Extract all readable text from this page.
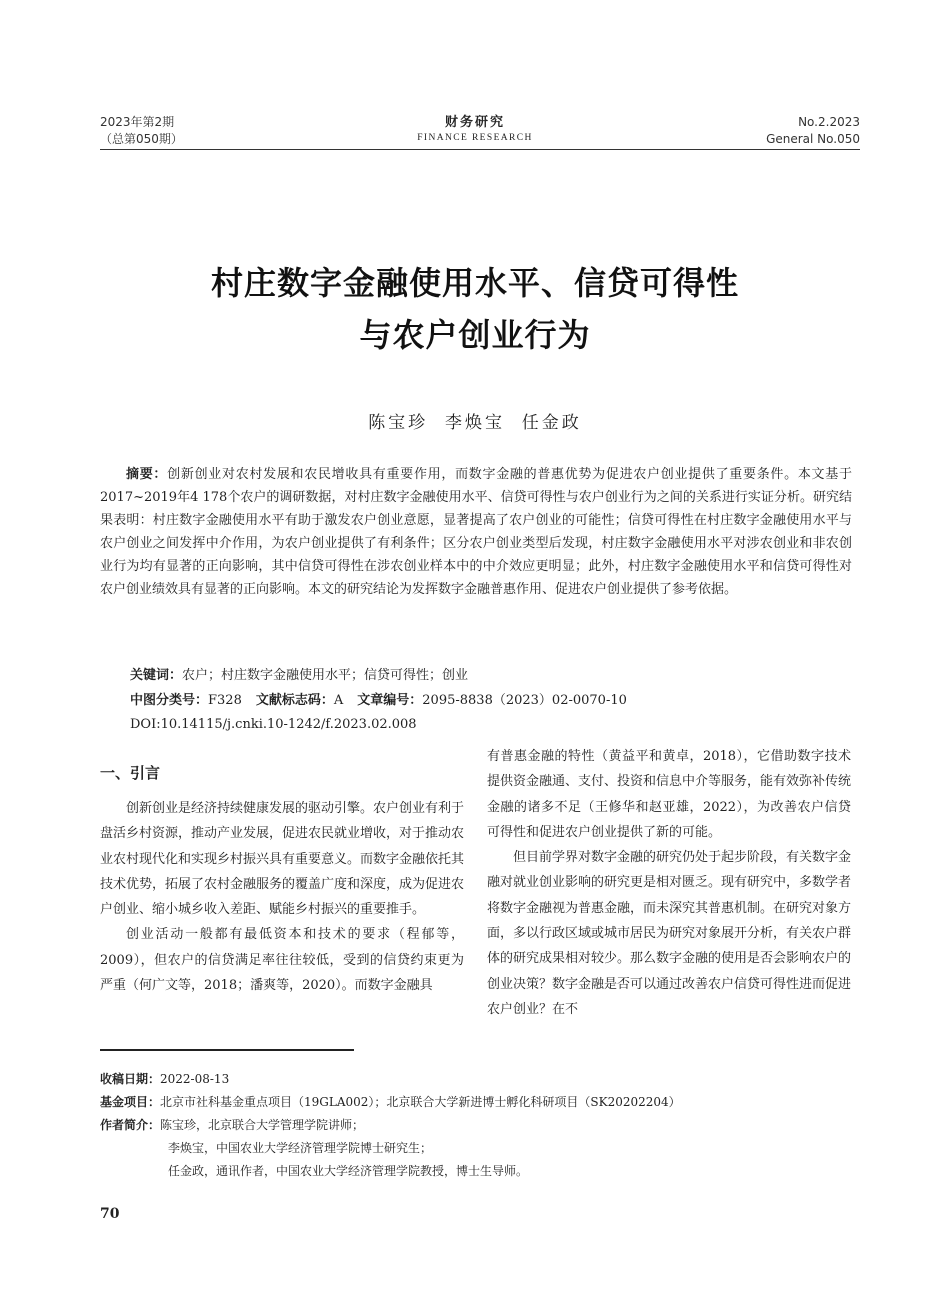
2023年第2期
（总第050期）
财务研究
FINANCE RESEARCH
No.2.2023
General No.050
村庄数字金融使用水平、信贷可得性
与农户创业行为
陈宝珍  李焕宝  任金政
摘要：创新创业对农村发展和农民增收具有重要作用，而数字金融的普惠优势为促进农户创业提供了重要条件。本文基于2017~2019年4 178个农户的调研数据，对村庄数字金融使用水平、信贷可得性与农户创业行为之间的关系进行实证分析。研究结果表明：村庄数字金融使用水平有助于激发农户创业意愿，显著提高了农户创业的可能性；信贷可得性在村庄数字金融使用水平与农户创业之间发挥中介作用，为农户创业提供了有利条件；区分农户创业类型后发现，村庄数字金融使用水平对涉农创业和非农创业行为均有显著的正向影响，其中信贷可得性在涉农创业样本中的中介效应更明显；此外，村庄数字金融使用水平和信贷可得性对农户创业绩效具有显著的正向影响。本文的研究结论为发挥数字金融普惠作用、促进农户创业提供了参考依据。
关键词：农户；村庄数字金融使用水平；信贷可得性；创业
中图分类号：F328 文献标志码：A 文章编号：2095-8838（2023）02-0070-10
DOI:10.14115/j.cnki.10-1242/f.2023.02.008
一、引言

创新创业是经济持续健康发展的驱动引擎。农户创业有利于盘活乡村资源，推动产业发展，促进农民就业增收，对于推动农业农村现代化和实现乡村振兴具有重要意义。而数字金融依托其技术优势，拓展了农村金融服务的覆盖广度和深度，成为促进农户创业、缩小城乡收入差距、赋能乡村振兴的重要推手。

创业活动一般都有最低资本和技术的要求（程郁等，2009），但农户的信贷满足率往往较低，受到的信贷约束更为严重（何广文等，2018；潘爽等，2020）。而数字金融具

有普惠金融的特性（黄益平和黄卓，2018），它借助数字技术提供资金融通、支付、投资和信息中介等服务，能有效弥补传统金融的诸多不足（王修华和赵亚雄，2022），为改善农户信贷可得性和促进农户创业提供了新的可能。

但目前学界对数字金融的研究仍处于起步阶段，有关数字金融对就业创业影响的研究更是相对匮乏。现有研究中，多数学者将数字金融视为普惠金融，而未深究其普惠机制。在研究对象方面，多以行政区域或城市居民为研究对象展开分析，有关农户群体的研究成果相对较少。那么数字金融的使用是否会影响农户的创业决策？数字金融是否可以通过改善农户信贷可得性进而促进农户创业？在不

收稿日期：2022-08-13
基金项目：北京市社科基金重点项目（19GLA002）；北京联合大学新进博士孵化科研项目（SK20202204）
作者简介：陈宝珍，北京联合大学管理学院讲师；
李焕宝，中国农业大学经济管理学院博士研究生；
任金政，通讯作者，中国农业大学经济管理学院教授，博士生导师。
70
